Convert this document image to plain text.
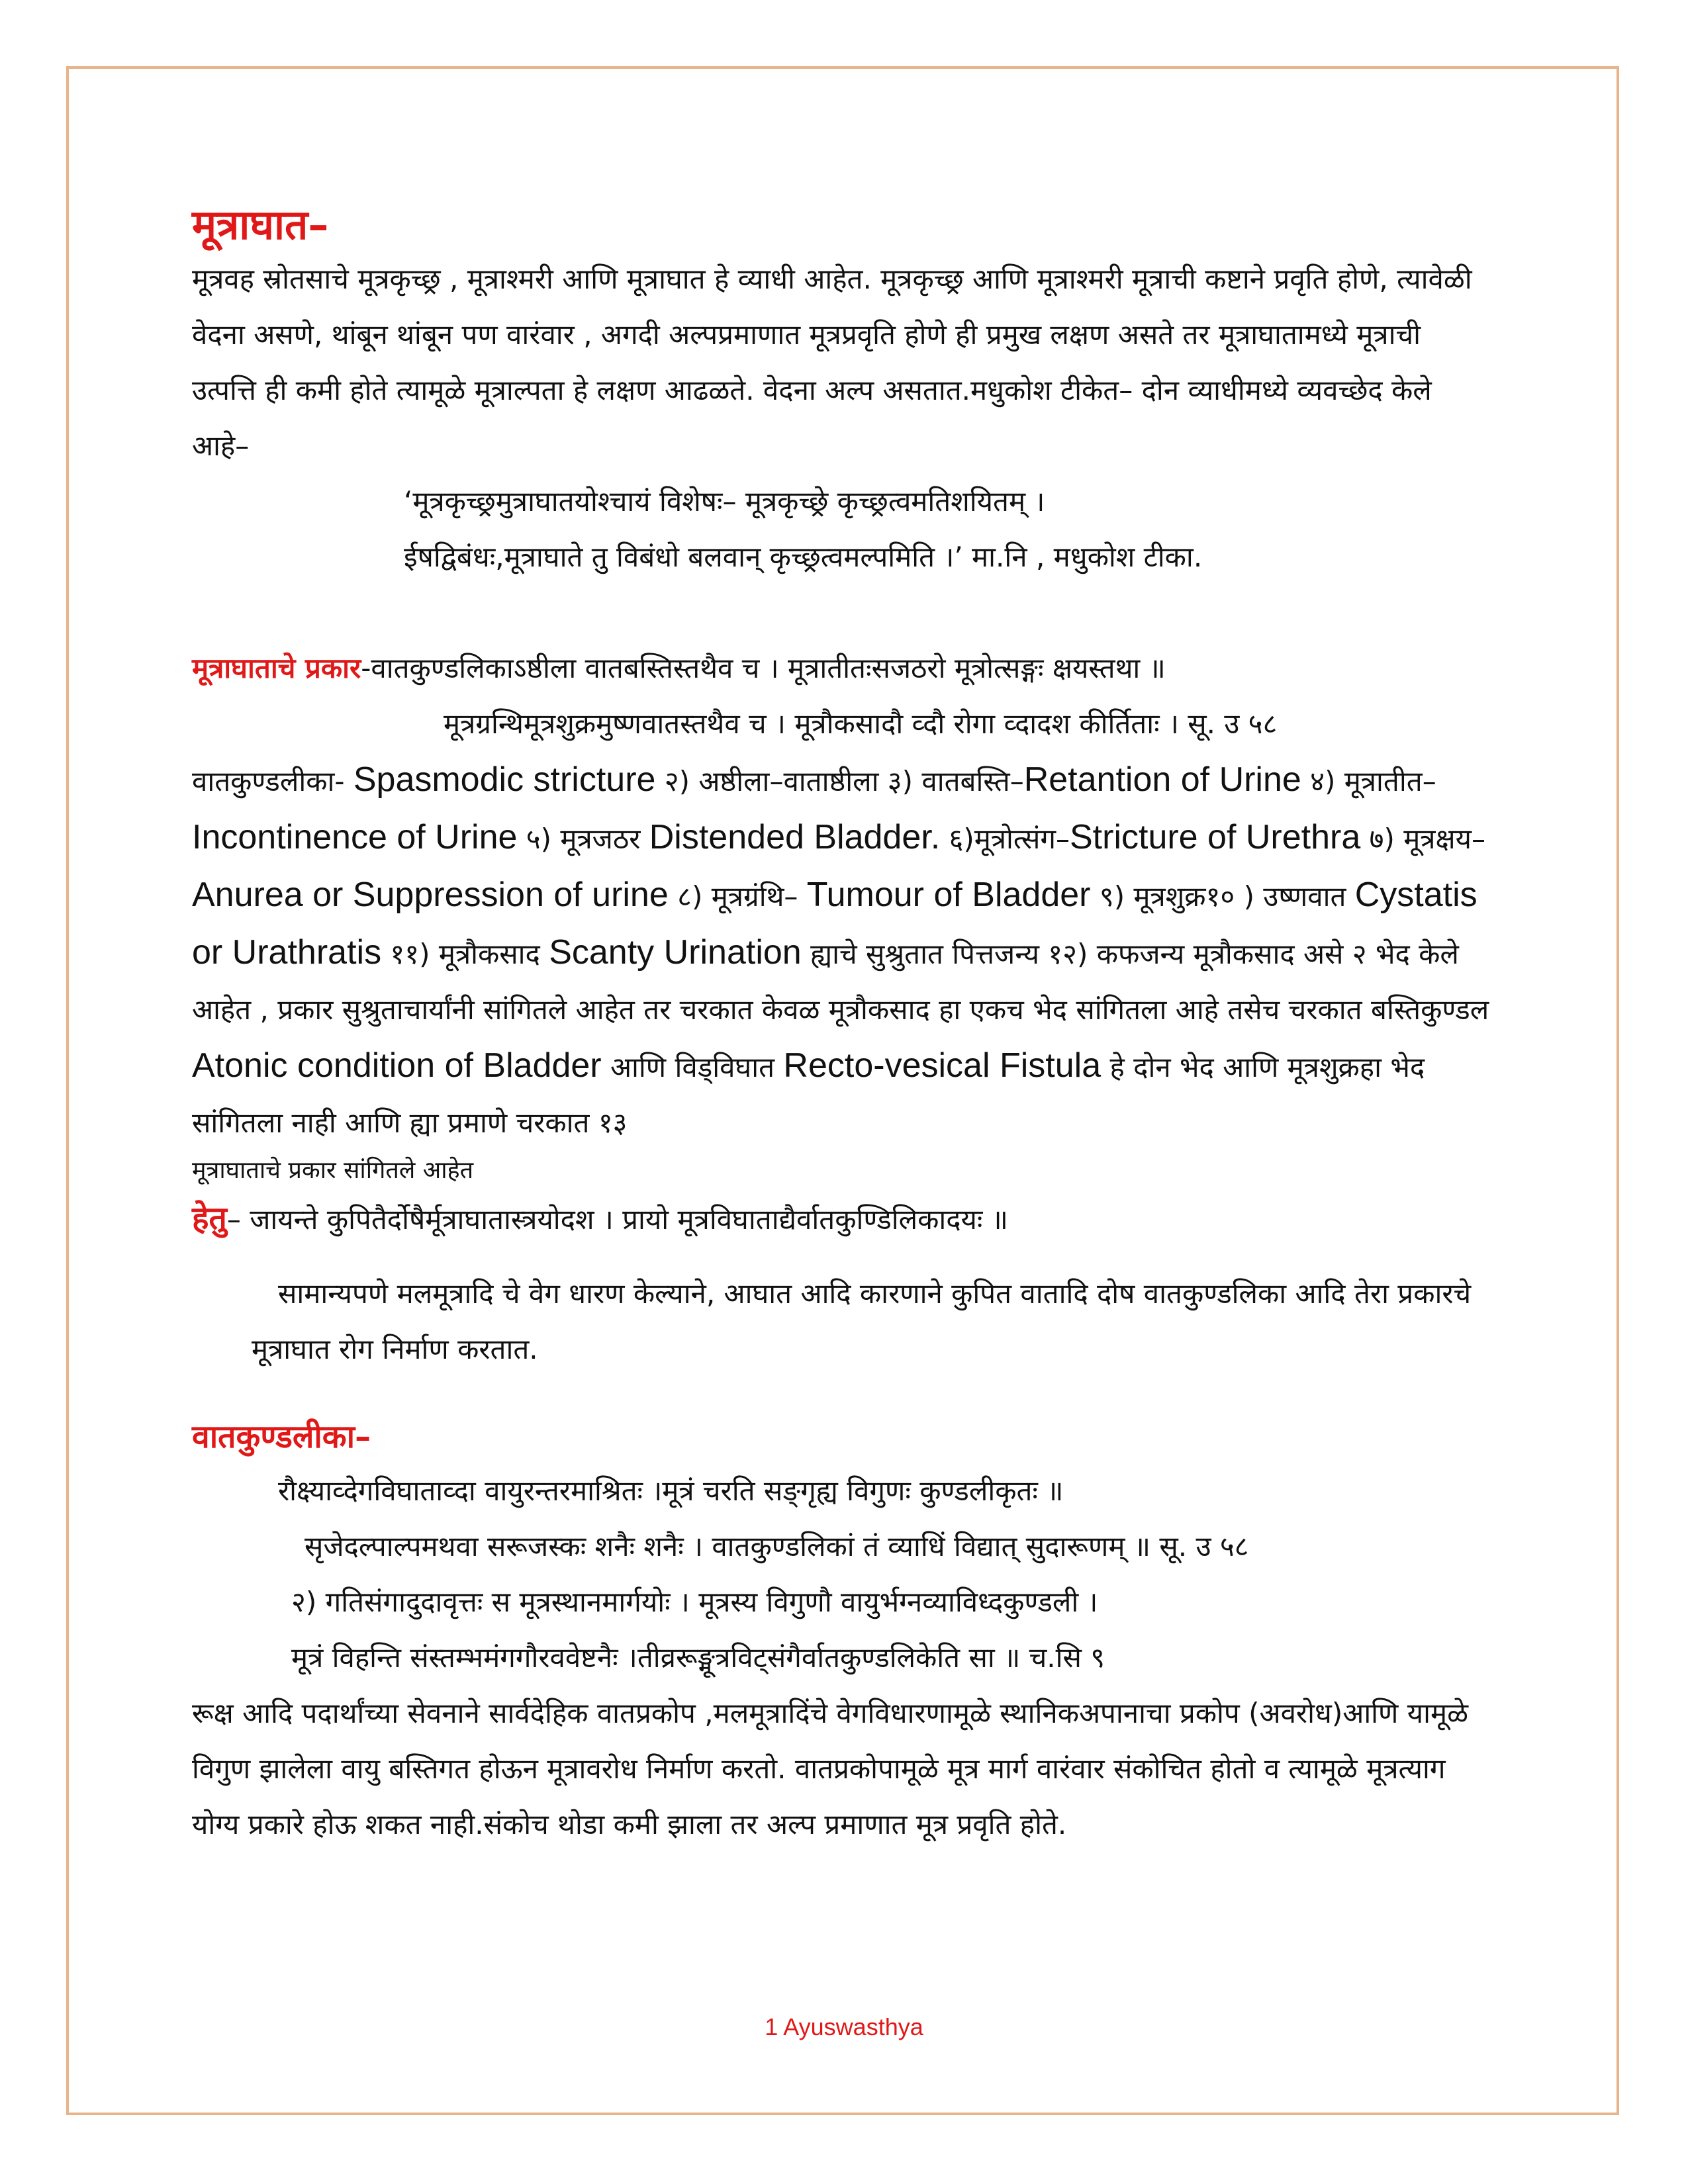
मूत्राघात–

मूत्रवह स्रोतसाचे मूत्रकृच्छ्र , मूत्राश्मरी आणि मूत्राघात हे व्याधी आहेत. मूत्रकृच्छ्र आणि मूत्राश्मरी मूत्राची कष्टाने प्रवृति होणे, त्यावेळी वेदना असणे, थांबून थांबून पण वारंवार , अगदी अल्पप्रमाणात मूत्रप्रवृति होणे ही प्रमुख लक्षण असते तर मूत्राघातामध्ये मूत्राची उत्पत्ति ही कमी होते त्यामूळे मूत्राल्पता हे लक्षण आढळते. वेदना अल्प असतात.मधुकोश टीकेत– दोन व्याधीमध्ये व्यवच्छेद केले आहे–

‘मूत्रकृच्छ्रमुत्राघातयोश्चायं विशेषः– मूत्रकृच्छ्रे कृच्छ्रत्वमतिशयितम् ।

ईषद्विबंधः,मूत्राघाते तु विबंधो बलवान् कृच्छ्रत्वमल्पमिति ।’ मा.नि , मधुकोश टीका.

मूत्राघाताचे प्रकार-वातकुण्डलिकाऽष्ठीला वातबस्तिस्तथैव च । मूत्रातीतःसजठरो मूत्रोत्सङ्गः क्षयस्तथा ॥

मूत्रग्रन्थिमूत्रशुक्रमुष्णवातस्तथैव च । मूत्रौकसादौ व्दौ रोगा व्दादश कीर्तिताः । सू. उ ५८

वातकुण्डलीका- Spasmodic stricture २) अष्ठीला–वाताष्ठीला ३) वातबस्ति–Retantion of Urine ४) मूत्रातीत–Incontinence of Urine ५) मूत्रजठर Distended Bladder. ६)मूत्रोत्संग–Stricture of Urethra ७) मूत्रक्षय–Anurea or Suppression of urine ८) मूत्रग्रंथि– Tumour of Bladder ९) मूत्रशुक्र१० ) उष्णवात Cystatis or Urathratis ११) मूत्रौकसाद Scanty Urination ह्याचे सुश्रुतात पित्तजन्य १२) कफजन्य मूत्रौकसाद असे २ भेद केले आहेत , प्रकार सुश्रुताचार्यांनी सांगितले आहेत तर चरकात केवळ मूत्रौकसाद हा एकच भेद सांगितला आहे तसेच चरकात बस्तिकुण्डल Atonic condition of Bladder आणि विड्विघात Recto-vesical Fistula हे दोन भेद आणि मूत्रशुक्रहा भेद सांगितला नाही आणि ह्या प्रमाणे चरकात १३

मूत्राघाताचे प्रकार सांगितले आहेत

हेतु– जायन्ते कुपितैर्दोषैर्मूत्राघातास्त्रयोदश । प्रायो मूत्रविघाताद्यैर्वातकुण्डिलिकादयः ॥

सामान्यपणे मलमूत्रादि चे वेग धारण केल्याने, आघात आदि कारणाने कुपित वातादि दोष वातकुण्डलिका आदि तेरा प्रकारचे मूत्राघात रोग निर्माण करतात.

वातकुण्डलीका–

रौक्ष्याव्देगविघाताव्दा वायुरन्तरमाश्रितः ।मूत्रं चरति सङ्गृह्य विगुणः कुण्डलीकृतः ॥

सृजेदल्पाल्पमथवा सरूजस्कः शनैः शनैः । वातकुण्डलिकां तं व्याधिं विद्यात् सुदारूणम् ॥ सू. उ ५८

२) गतिसंगादुदावृत्तः स मूत्रस्थानमार्गयोः । मूत्रस्य विगुणौ वायुर्भग्नव्याविध्दकुण्डली ।

मूत्रं विहन्ति संस्तम्भमंगगौरववेष्टनैः ।तीव्ररूङ्मूत्रविट्संगैर्वातकुण्डलिकेति सा ॥ च.सि ९

रूक्ष आदि पदार्थांच्या सेवनाने सार्वदेहिक वातप्रकोप ,मलमूत्रादिंचे वेगविधारणामूळे स्थानिकअपानाचा प्रकोप (अवरोध)आणि यामूळे विगुण झालेला वायु बस्तिगत होऊन मूत्रावरोध निर्माण करतो. वातप्रकोपामूळे मूत्र मार्ग वारंवार संकोचित होतो व त्यामूळे मूत्रत्याग योग्य प्रकारे होऊ शकत नाही.संकोच थोडा कमी झाला तर अल्प प्रमाणात मूत्र प्रवृति होते.

1 Ayuswasthya
